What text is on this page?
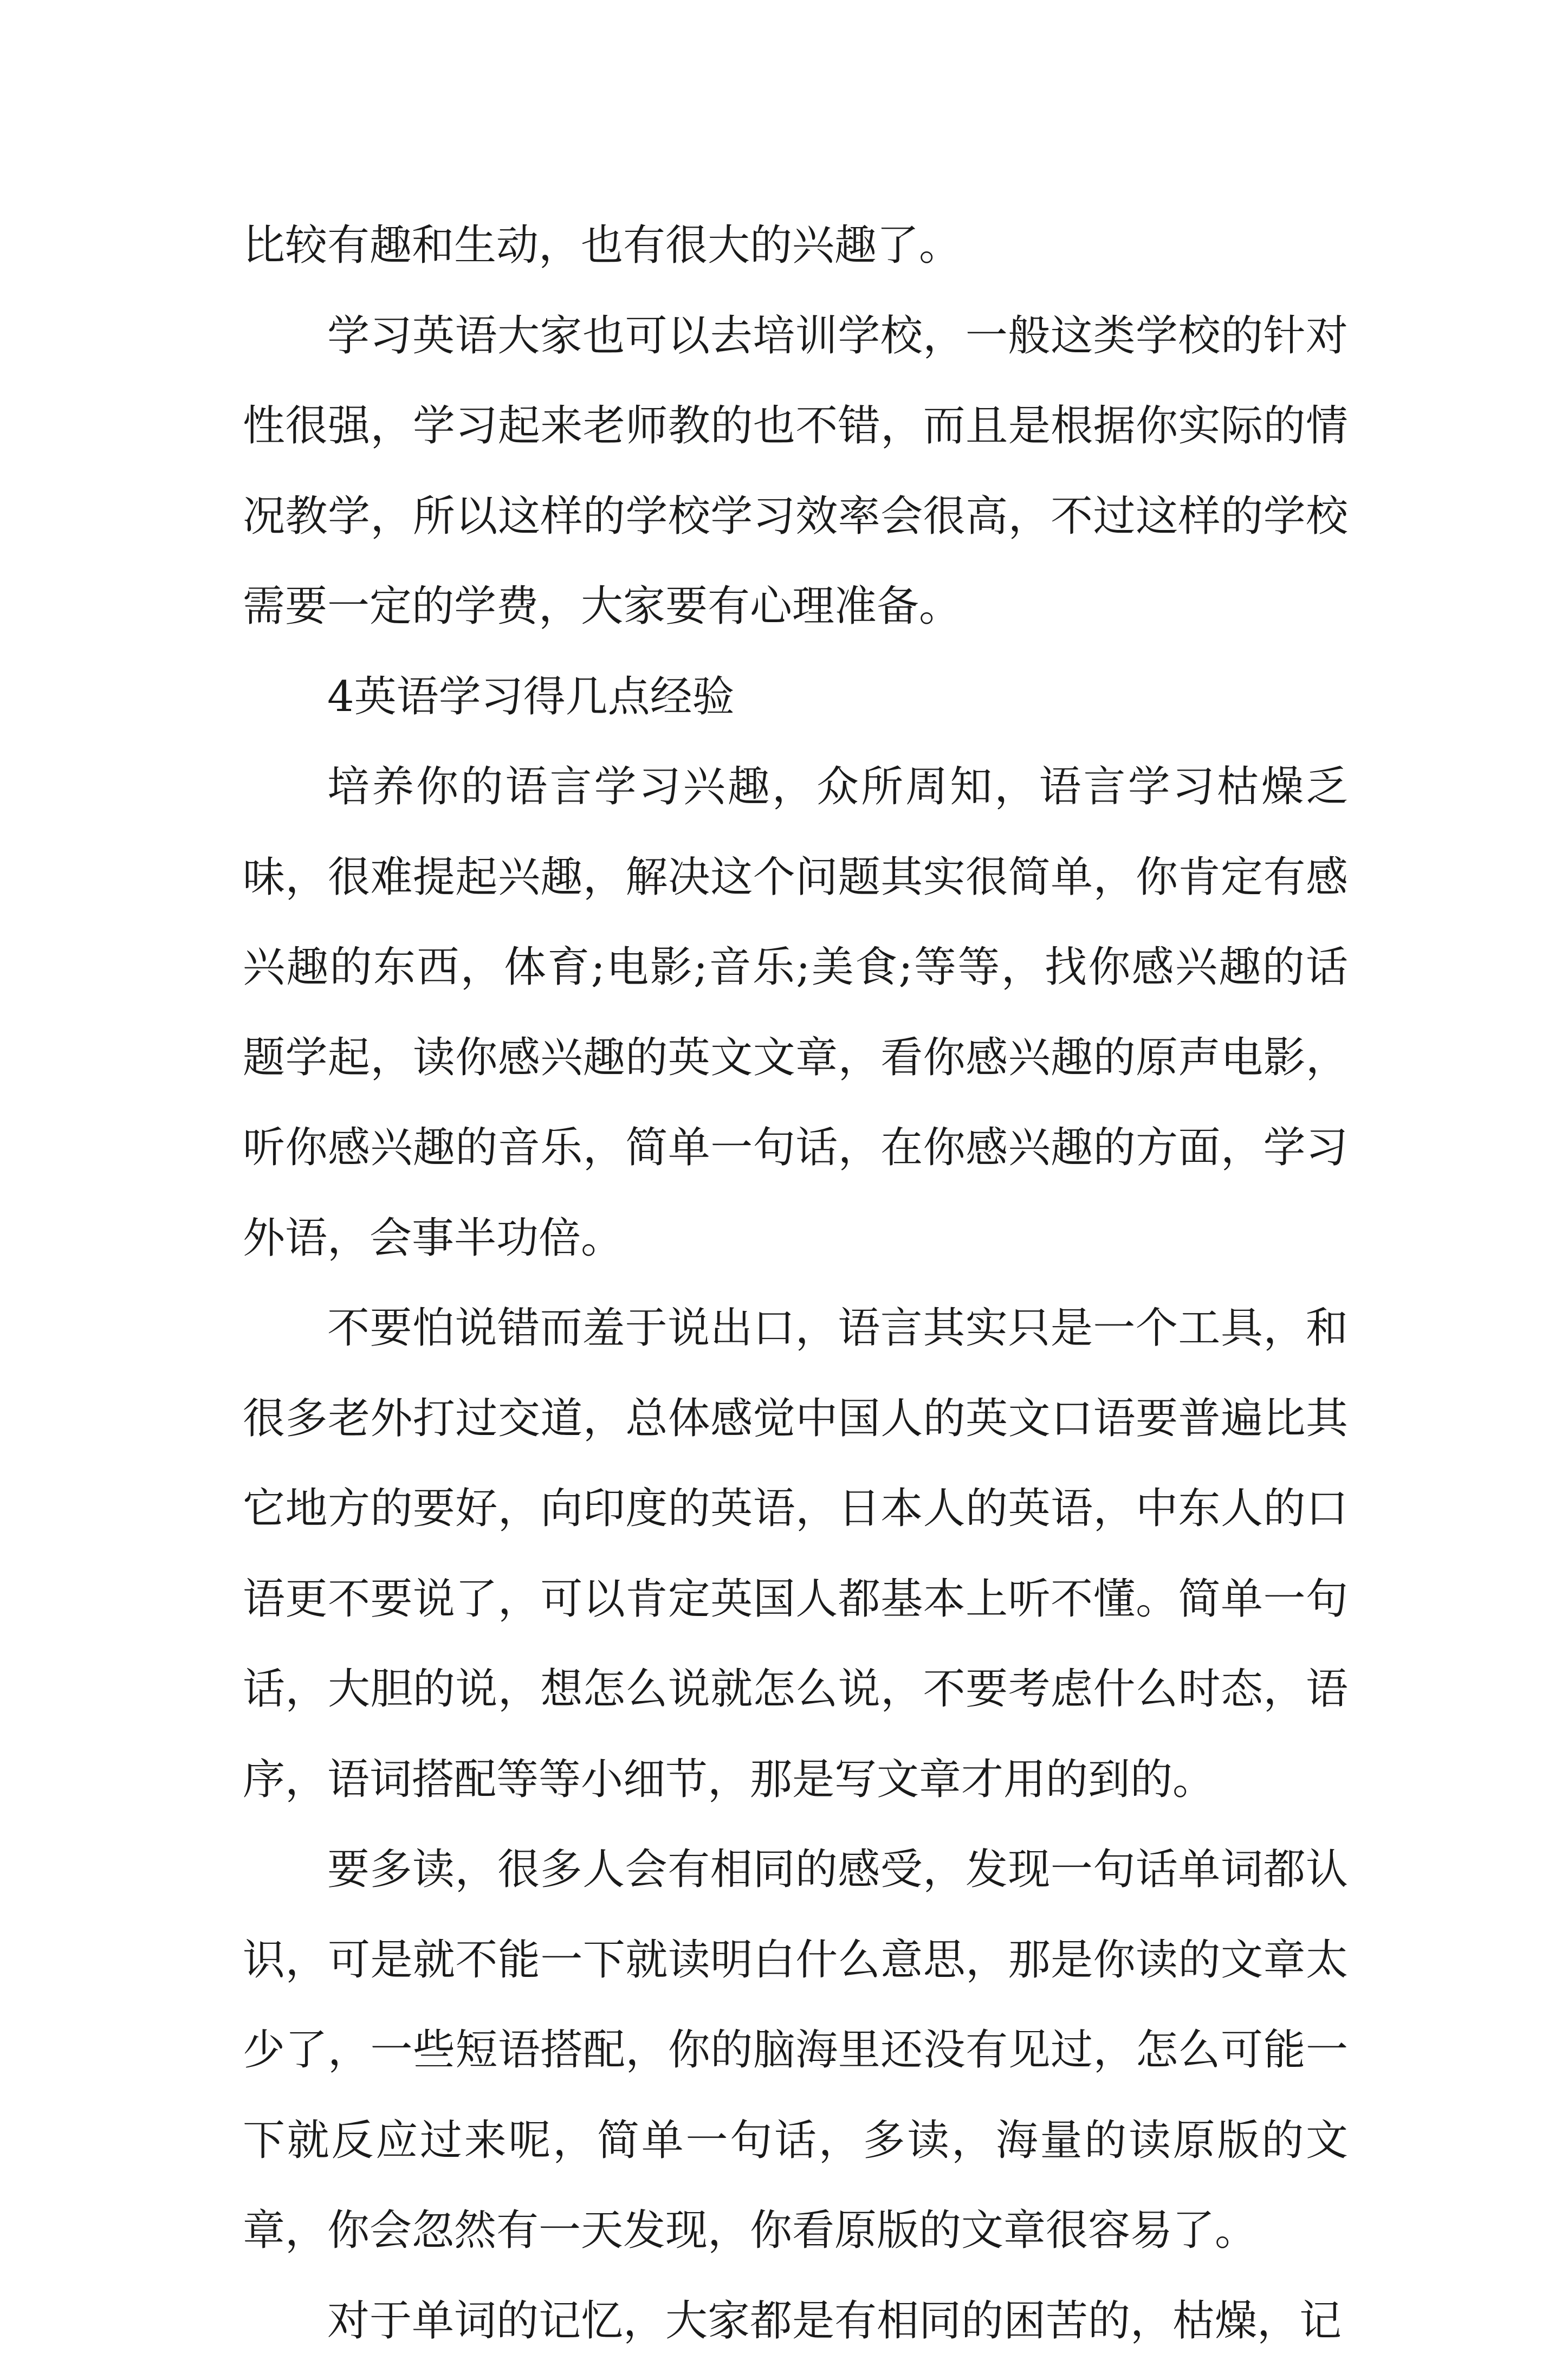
比较有趣和生动，也有很大的兴趣了。

学习英语大家也可以去培训学校，一般这类学校的针对性很强，学习起来老师教的也不错，而且是根据你实际的情况教学，所以这样的学校学习效率会很高，不过这样的学校需要一定的学费，大家要有心理准备。

4英语学习得几点经验

培养你的语言学习兴趣，众所周知，语言学习枯燥乏味，很难提起兴趣，解决这个问题其实很简单，你肯定有感兴趣的东西，体育;电影;音乐;美食;等等，找你感兴趣的话题学起，读你感兴趣的英文文章，看你感兴趣的原声电影，听你感兴趣的音乐，简单一句话，在你感兴趣的方面，学习外语，会事半功倍。

不要怕说错而羞于说出口，语言其实只是一个工具，和很多老外打过交道，总体感觉中国人的英文口语要普遍比其它地方的要好，向印度的英语，日本人的英语，中东人的口语更不要说了，可以肯定英国人都基本上听不懂。简单一句话，大胆的说，想怎么说就怎么说，不要考虑什么时态，语序，语词搭配等等小细节，那是写文章才用的到的。

要多读，很多人会有相同的感受，发现一句话单词都认识，可是就不能一下就读明白什么意思，那是你读的文章太少了，一些短语搭配，你的脑海里还没有见过，怎么可能一下就反应过来呢，简单一句话，多读，海量的读原版的文章，你会忽然有一天发现，你看原版的文章很容易了。

对于单词的记忆，大家都是有相同的困苦的，枯燥，记
